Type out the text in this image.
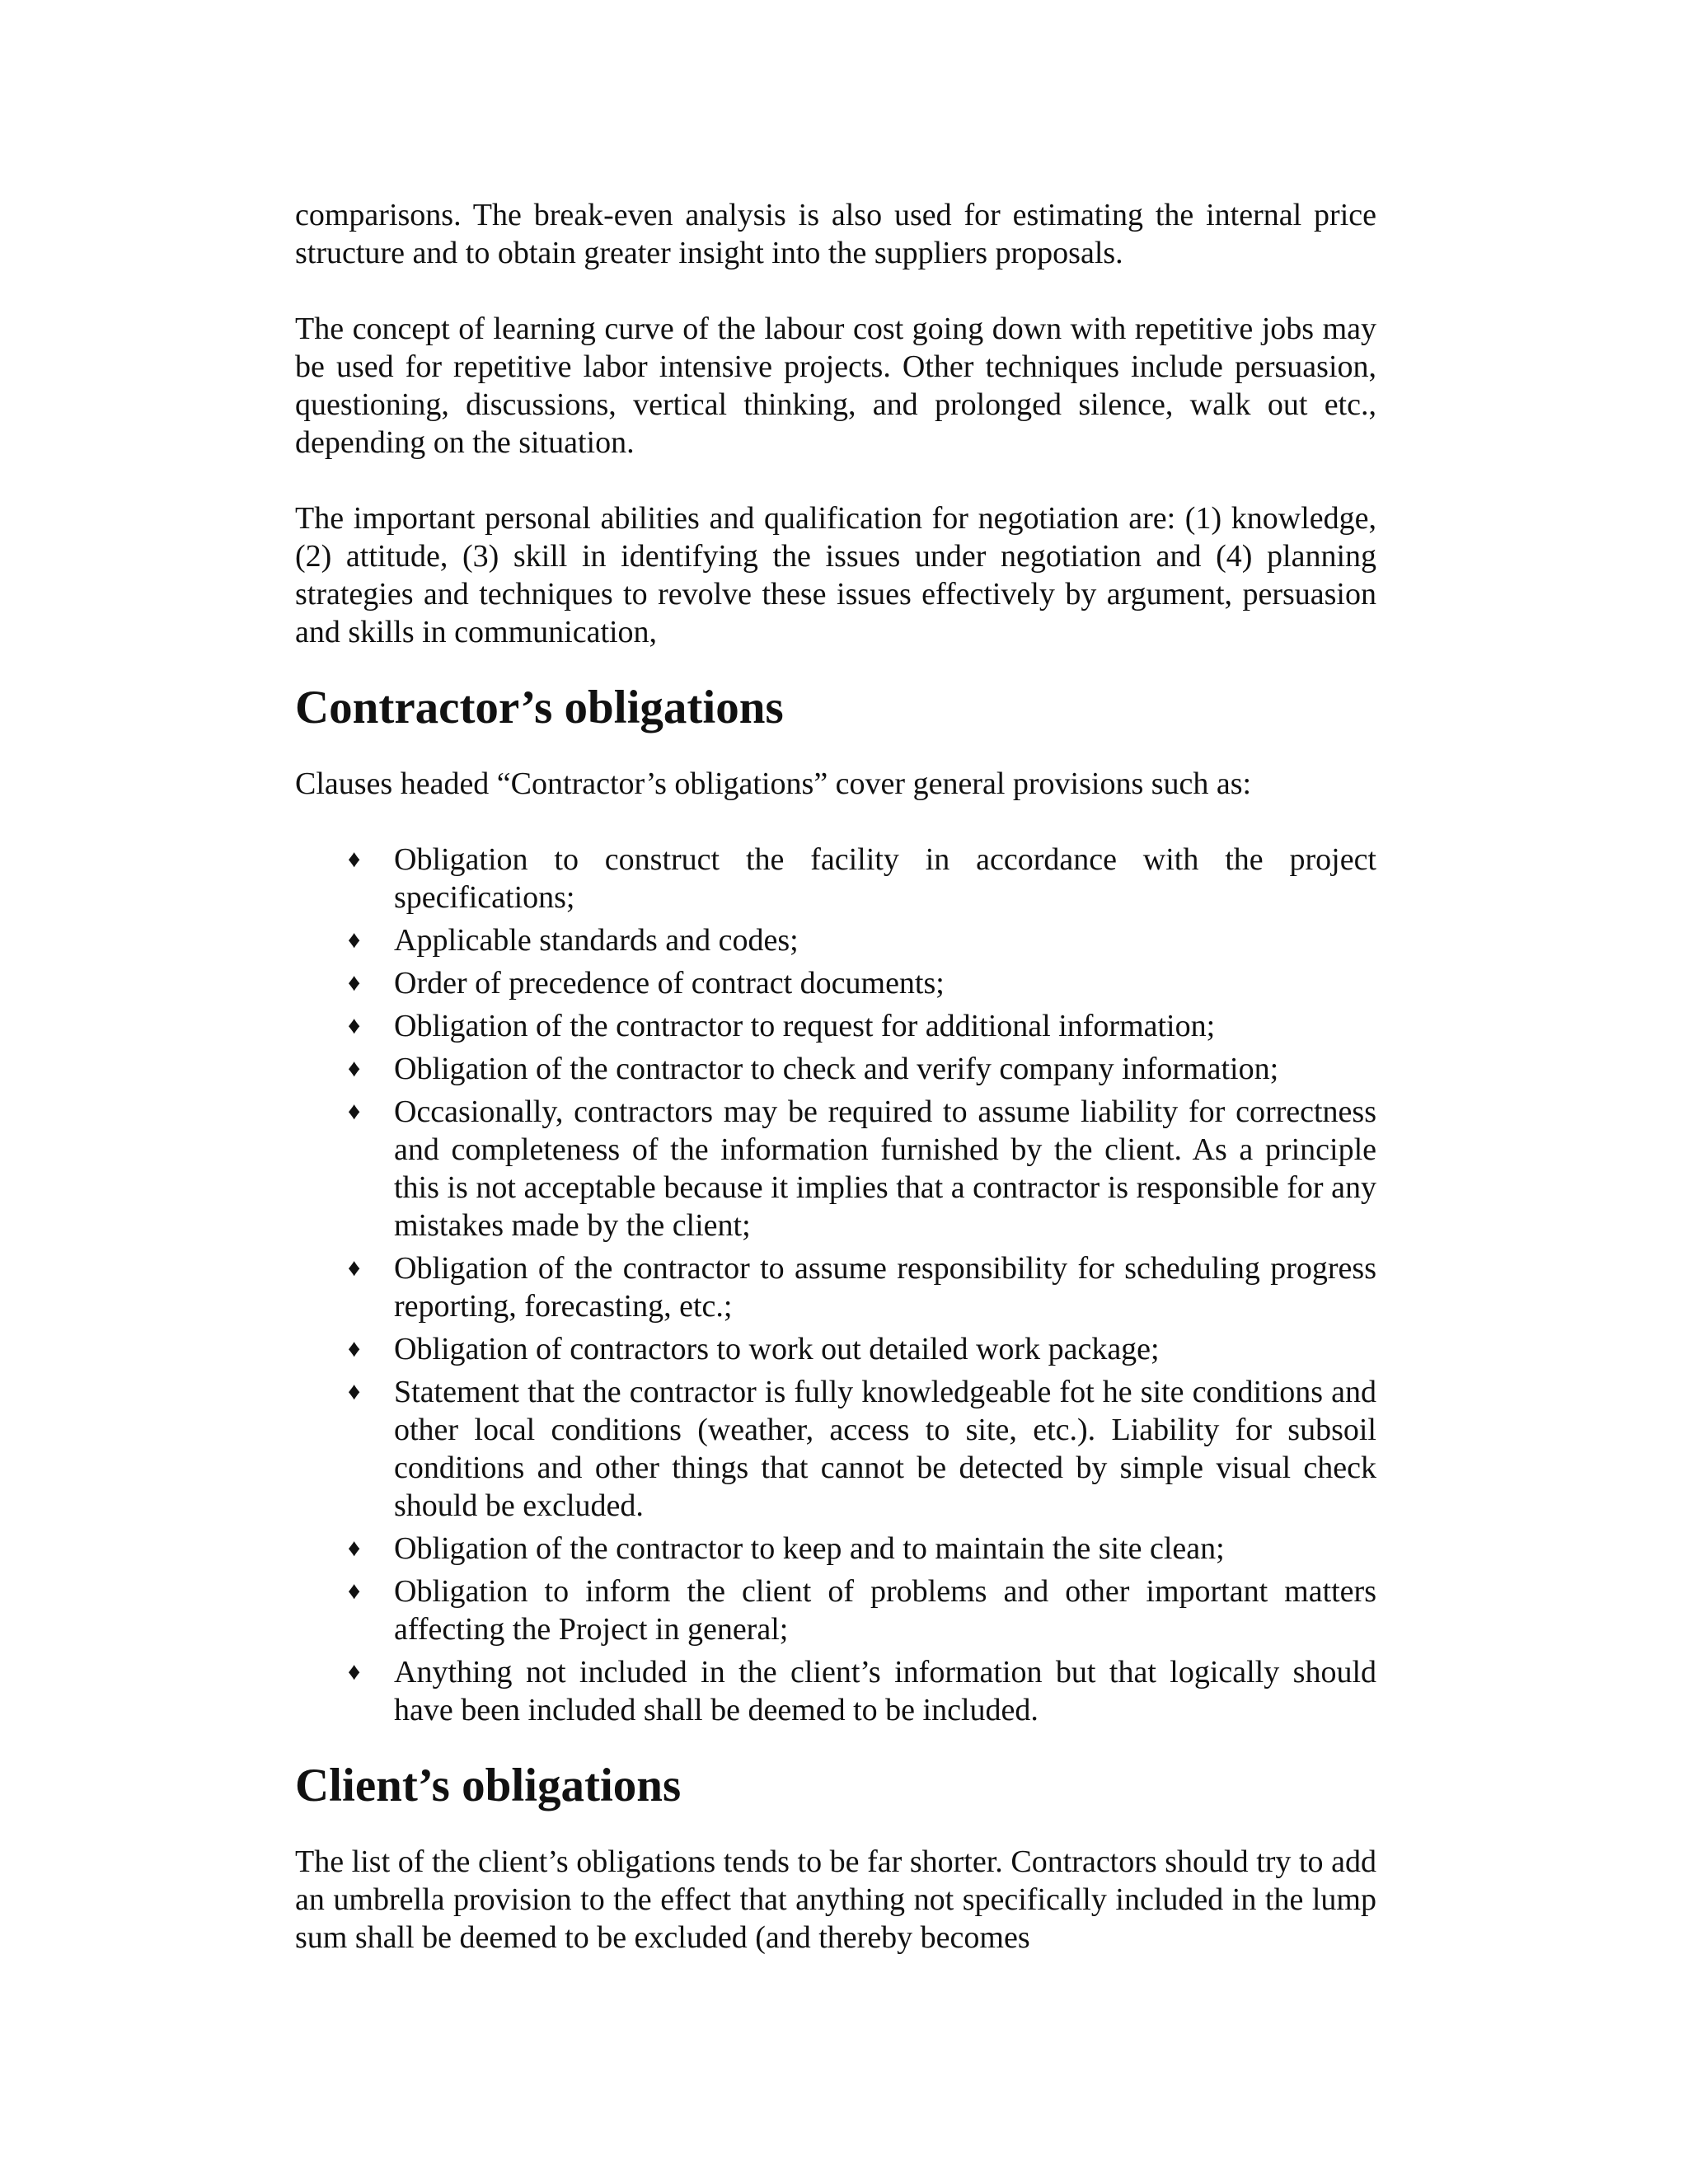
comparisons. The break-even analysis is also used for estimating the internal price structure and to obtain greater insight into the suppliers proposals.

The concept of learning curve of the labour cost going down with repetitive jobs may be used for repetitive labor intensive projects. Other techniques include persuasion, questioning, discussions, vertical thinking, and prolonged silence, walk out etc., depending on the situation.

The important personal abilities and qualification for negotiation are: (1) knowledge, (2) attitude, (3) skill in identifying the issues under negotiation and (4) planning strategies and techniques to revolve these issues effectively by argument, persuasion and skills in communication,

Contractor’s obligations

Clauses headed “Contractor’s obligations” cover general provisions such as:

♦ Obligation to construct the facility in accordance with the project specifications;
♦ Applicable standards and codes;
♦ Order of precedence of contract documents;
♦ Obligation of the contractor to request for additional information;
♦ Obligation of the contractor to check and verify company information;
♦ Occasionally, contractors may be required to assume liability for correctness and completeness of the information furnished by the client. As a principle this is not acceptable because it implies that a contractor is responsible for any mistakes made by the client;
♦ Obligation of the contractor to assume responsibility for scheduling progress reporting, forecasting, etc.;
♦ Obligation of contractors to work out detailed work package;
♦ Statement that the contractor is fully knowledgeable fot he site conditions and other local conditions (weather, access to site, etc.). Liability for subsoil conditions and other things that cannot be detected by simple visual check should be excluded.
♦ Obligation of the contractor to keep and to maintain the site clean;
♦ Obligation to inform the client of problems and other important matters affecting the Project in general;
♦ Anything not included in the client’s information but that logically should have been included shall be deemed to be included.
Client’s obligations

The list of the client’s obligations tends to be far shorter. Contractors should try to add an umbrella provision to the effect that anything not specifically included in the lump sum shall be deemed to be excluded (and thereby becomes
